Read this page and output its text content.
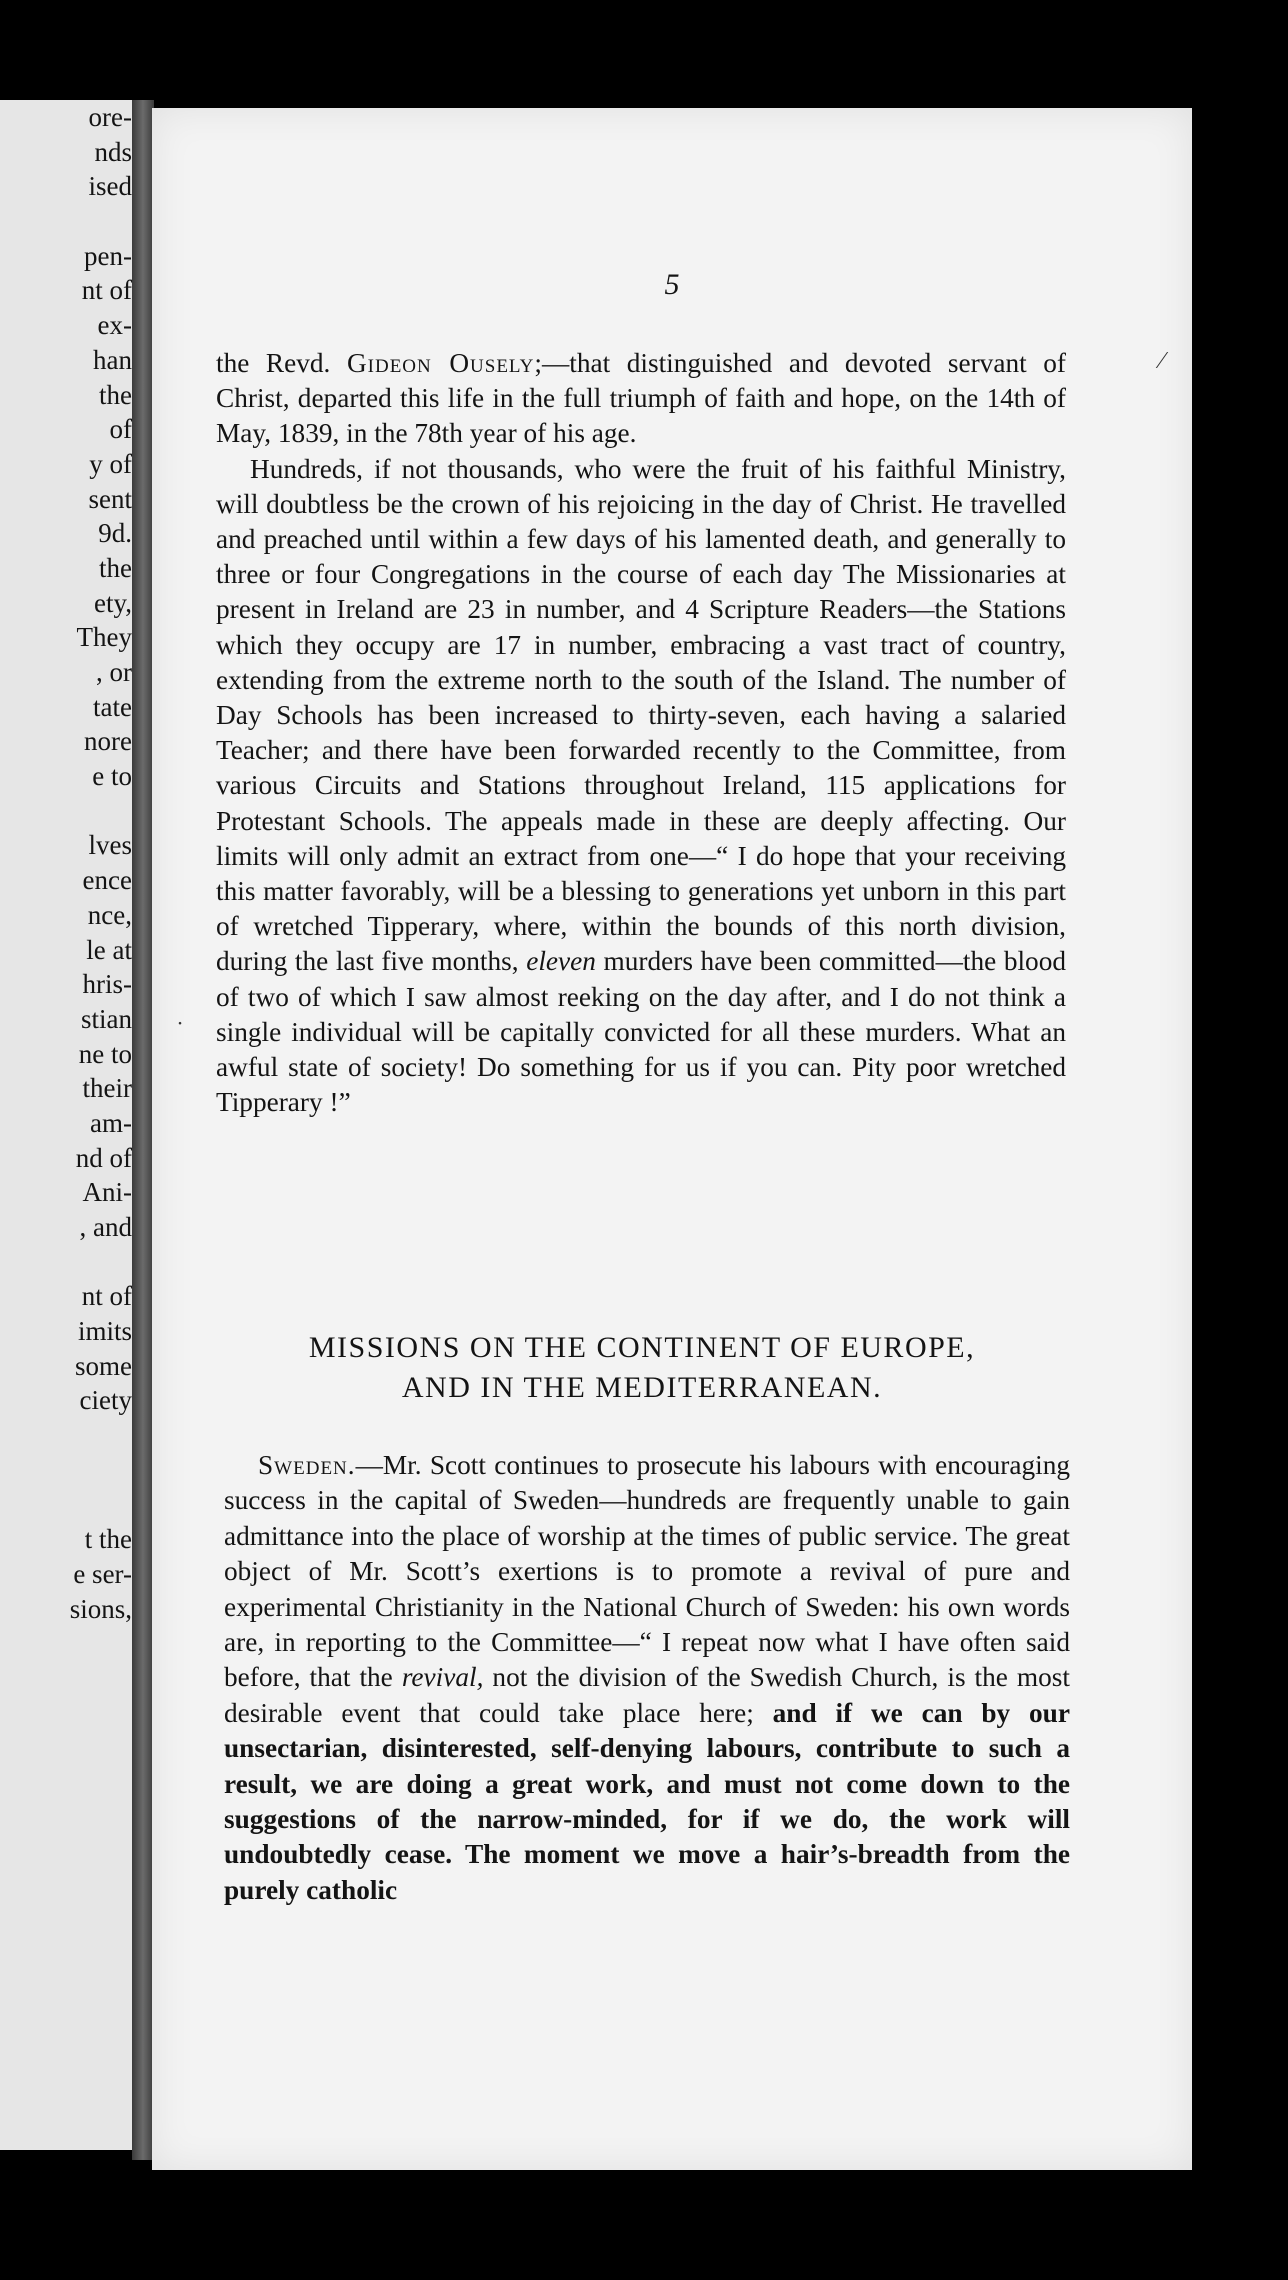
ore-
nds
ised
pen-
nt of
ex-
han
the
of
y of
sent
9d.
the
ety,
They
, or
tate
nore
e to
lves
ence
nce,
le at
hris-
stian
ne to
their
am-
nd of
Ani-
, and
nt of
imits
some
ciety
t the
e ser-
sions,
5

the Revd. Gideon Ousely;—that distinguished and devoted servant of Christ, departed this life in the full triumph of faith and hope, on the 14th of May, 1839, in the 78th year of his age.

Hundreds, if not thousands, who were the fruit of his faithful Ministry, will doubtless be the crown of his rejoicing in the day of Christ. He travelled and preached until within a few days of his lamented death, and generally to three or four Congregations in the course of each day The Missionaries at present in Ireland are 23 in number, and 4 Scripture Readers—the Stations which they occupy are 17 in number, embracing a vast tract of country, extending from the extreme north to the south of the Island. The number of Day Schools has been increased to thirty-seven, each having a salaried Teacher; and there have been forwarded recently to the Committee, from various Circuits and Stations throughout Ireland, 115 applications for Protestant Schools. The appeals made in these are deeply affecting. Our limits will only admit an extract from one—“ I do hope that your receiving this matter favorably, will be a blessing to generations yet unborn in this part of wretched Tipperary, where, within the bounds of this north division, during the last five months, eleven murders have been committed—the blood of two of which I saw almost reeking on the day after, and I do not think a single individual will be capitally convicted for all these murders. What an awful state of society! Do something for us if you can. Pity poor wretched Tipperary !”

MISSIONS ON THE CONTINENT OF EUROPE,
AND IN THE MEDITERRANEAN.

Sweden.—Mr. Scott continues to prosecute his labours with encouraging success in the capital of Sweden—hundreds are frequently unable to gain admittance into the place of worship at the times of public service. The great object of Mr. Scott’s exertions is to promote a revival of pure and experimental Christianity in the National Church of Sweden: his own words are, in reporting to the Committee—“ I repeat now what I have often said before, that the revival, not the division of the Swedish Church, is the most desirable event that could take place here; and if we can by our unsectarian, disinterested, self-denying labours, contribute to such a result, we are doing a great work, and must not come down to the suggestions of the narrow-minded, for if we do, the work will undoubtedly cease. The moment we move a hair’s-breadth from the purely catholic

⁄
˙
